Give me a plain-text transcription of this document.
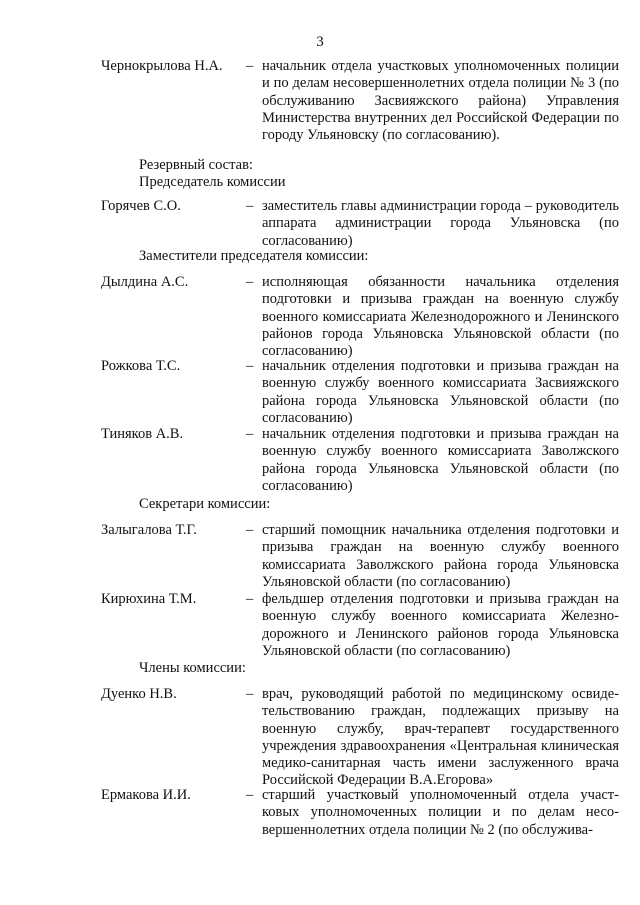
3
Чернокрылова Н.А. – начальник отдела участковых уполномоченных полиции и по делам несовершеннолетних отдела полиции № 3 (по обслуживанию Засвияжского района) Управления Министерства внутренних дел Российской Федерации по городу Ульяновску (по согласованию).
Резервный состав:
Председатель комиссии
Горячев С.О.	– заместитель главы администрации города – руководитель аппарата администрации города Ульяновска (по согласованию)
Заместители председателя комиссии:
Дылдина А.С.	– исполняющая обязанности начальника отделения подготовки и призыва граждан на военную службу военного комиссариата Железнодорожного и Ленинского районов города Ульяновска Ульяновской области (по согласованию)
Рожкова Т.С.	– начальник отделения подготовки и призыва граждан на военную службу военного комиссариата Засвияжского района города Ульяновска Ульяновской области (по согласованию)
Тиняков А.В.	– начальник отделения подготовки и призыва граждан на военную службу военного комиссариата Заволжского района города Ульяновска Ульяновской области (по согласованию)
Секретари комиссии:
Залыгалова Т.Г.	– старший помощник начальника отделения подготовки и призыва граждан на военную службу военного комиссариата Заволжского района города Ульяновска Ульяновской области (по согласованию)
Кирюхина Т.М.	– фельдшер отделения подготовки и призыва граждан на военную службу военного комиссариата Железнодорожного и Ленинского районов города Ульяновска Ульяновской области (по согласованию)
Члены комиссии:
Дуенко Н.В.	– врач, руководящий работой по медицинскому освидетельствованию граждан, подлежащих призыву на военную службу, врач-терапевт государственного учреждения здравоохранения «Центральная клиническая медико-санитарная часть имени заслуженного врача Российской Федерации В.А.Егорова»
Ермакова И.И.	– старший участковый уполномоченный отдела участковых уполномоченных полиции и по делам несовершеннолетних отдела полиции № 2 (по обслужива-
